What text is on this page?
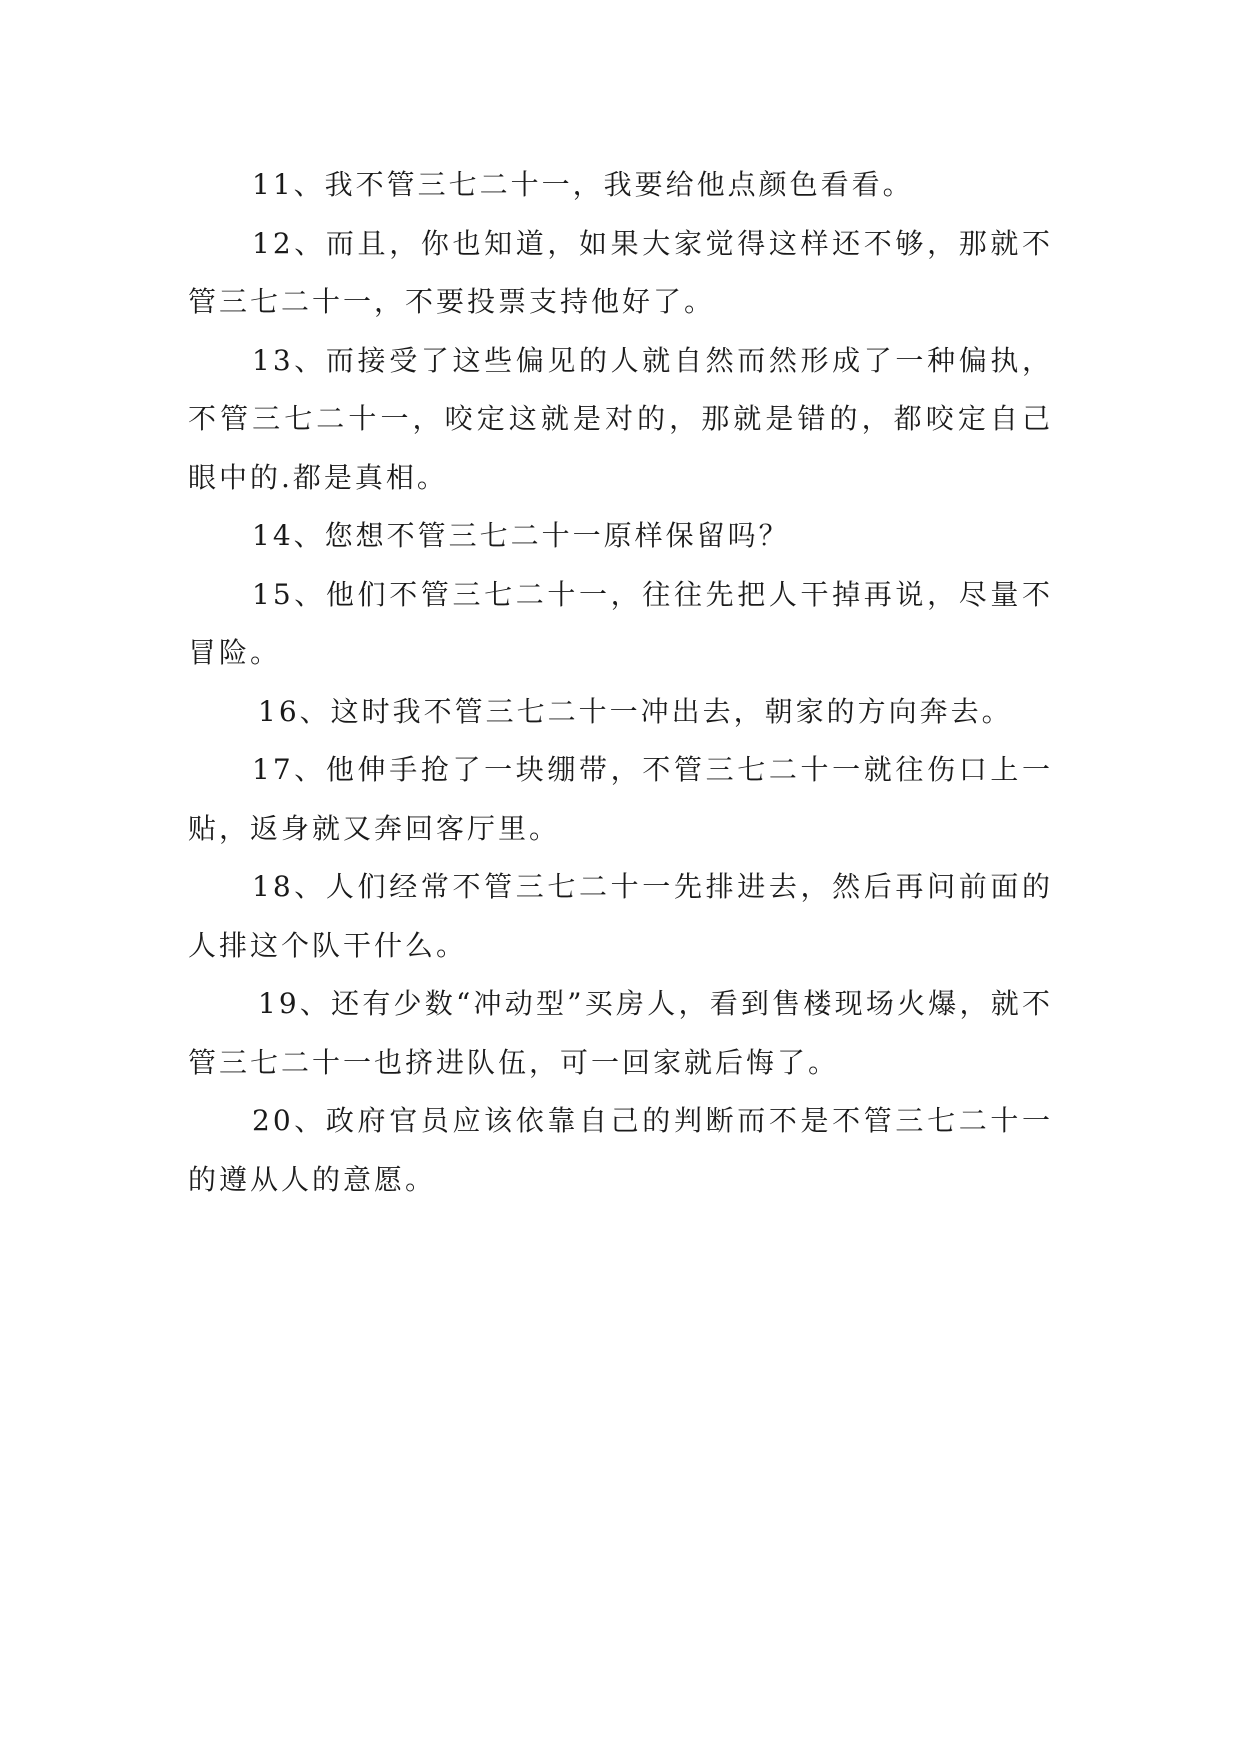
11、我不管三七二十一，我要给他点颜色看看。

12、而且，你也知道，如果大家觉得这样还不够，那就不管三七二十一，不要投票支持他好了。

13、而接受了这些偏见的人就自然而然形成了一种偏执，不管三七二十一，咬定这就是对的，那就是错的，都咬定自己眼中的.都是真相。

14、您想不管三七二十一原样保留吗？

15、他们不管三七二十一，往往先把人干掉再说，尽量不冒险。

16、这时我不管三七二十一冲出去，朝家的方向奔去。

17、他伸手抢了一块绷带，不管三七二十一就往伤口上一贴，返身就又奔回客厅里。

18、人们经常不管三七二十一先排进去，然后再问前面的人排这个队干什么。

19、还有少数“冲动型”买房人，看到售楼现场火爆，就不管三七二十一也挤进队伍，可一回家就后悔了。

20、政府官员应该依靠自己的判断而不是不管三七二十一的遵从人的意愿。
